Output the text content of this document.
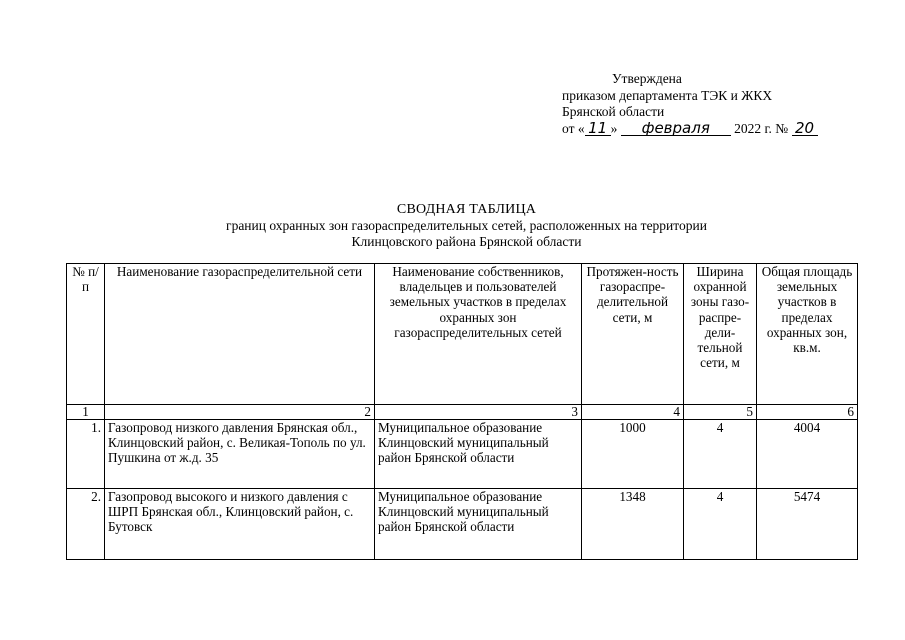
Утверждена
приказом департамента ТЭК и ЖКХ
Брянской области
от « 11 » февраля 2022 г. № 20
СВОДНАЯ ТАБЛИЦА
границ охранных зон газораспределительных сетей, расположенных на территории
Клинцовского района Брянской области
№ п/п	Наименование газораспределительной сети	Наименование собственников, владельцев и пользователей земельных участков в пределах охранных зон газораспределительных сетей	Протяжен-ность газораспре-делительной сети, м	Ширина охранной зоны газо-распре-дели-тельной сети, м	Общая площадь земельных участков в пределах охранных зон, кв.м.
1	2	3	4	5	6
1.	Газопровод низкого давления Брянская обл., Клинцовский район, с. Великая-Тополь по ул. Пушкина от ж.д. 35	Муниципальное образование Клинцовский муниципальный район Брянской области	1000	4	4004
2.	Газопровод высокого и низкого давления с ШРП Брянская обл., Клинцовский район, с. Бутовск	Муниципальное образование Клинцовский муниципальный район Брянской области	1348	4	5474
